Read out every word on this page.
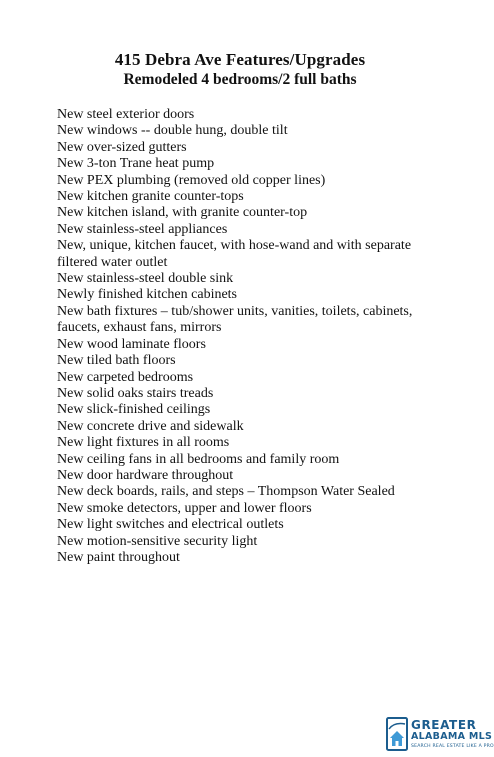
415 Debra Ave Features/Upgrades
Remodeled 4 bedrooms/2 full baths
New steel exterior doors
New windows -- double hung, double tilt
New over-sized gutters
New 3-ton Trane heat pump
New PEX plumbing (removed old copper lines)
New kitchen granite counter-tops
New kitchen island, with granite counter-top
New stainless-steel appliances
New, unique, kitchen faucet, with hose-wand and with separate filtered water outlet
New stainless-steel double sink
Newly finished kitchen cabinets
New bath fixtures – tub/shower units, vanities, toilets, cabinets, faucets, exhaust fans, mirrors
New wood laminate floors
New tiled bath floors
New carpeted bedrooms
New solid oaks stairs treads
New slick-finished ceilings
New concrete drive and sidewalk
New light fixtures in all rooms
New ceiling fans in all bedrooms and family room
New door hardware throughout
New deck boards, rails, and steps – Thompson Water Sealed
New smoke detectors, upper and lower floors
New light switches and electrical outlets
New motion-sensitive security light
New paint throughout
GREATER
ALABAMA MLS
SEARCH REAL ESTATE LIKE A PRO
